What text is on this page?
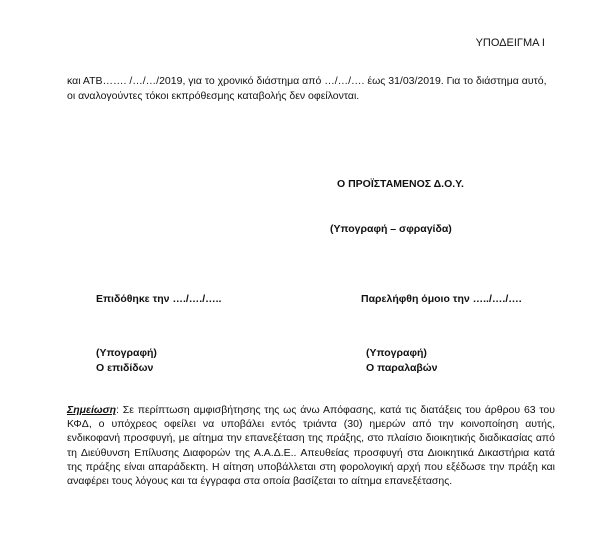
ΥΠΟΔΕΙΓΜΑ Ι

και ΑΤΒ……. /…/…/2019, για το χρονικό διάστημα από …/…/…. έως 31/03/2019. Για το διάστημα αυτό, οι αναλογούντες τόκοι εκπρόθεσμης καταβολής δεν οφείλονται.

Ο ΠΡΟΪΣΤΑΜΕΝΟΣ Δ.Ο.Υ.

(Υπογραφή – σφραγίδα)

Επιδόθηκε την …./…./…..	Παρελήφθη όμοιο την …../…./….

(Υπογραφή)

Ο επιδίδων

(Υπογραφή)

Ο παραλαβών

Σημείωση: Σε περίπτωση αμφισβήτησης της ως άνω Απόφασης, κατά τις διατάξεις του άρθρου 63 του ΚΦΔ, ο υπόχρεος οφείλει να υποβάλει εντός τριάντα (30) ημερών από την κοινοποίηση αυτής, ενδικοφανή προσφυγή, με αίτημα την επανεξέταση της πράξης, στο πλαίσιο διοικητικής διαδικασίας από τη Διεύθυνση Επίλυσης Διαφορών της Α.Α.Δ.Ε.. Απευθείας προσφυγή στα Διοικητικά Δικαστήρια κατά της πράξης είναι απαράδεκτη. Η αίτηση υποβάλλεται στη φορολογική αρχή που εξέδωσε την πράξη και αναφέρει τους λόγους και τα έγγραφα στα οποία βασίζεται το αίτημα επανεξέτασης.
